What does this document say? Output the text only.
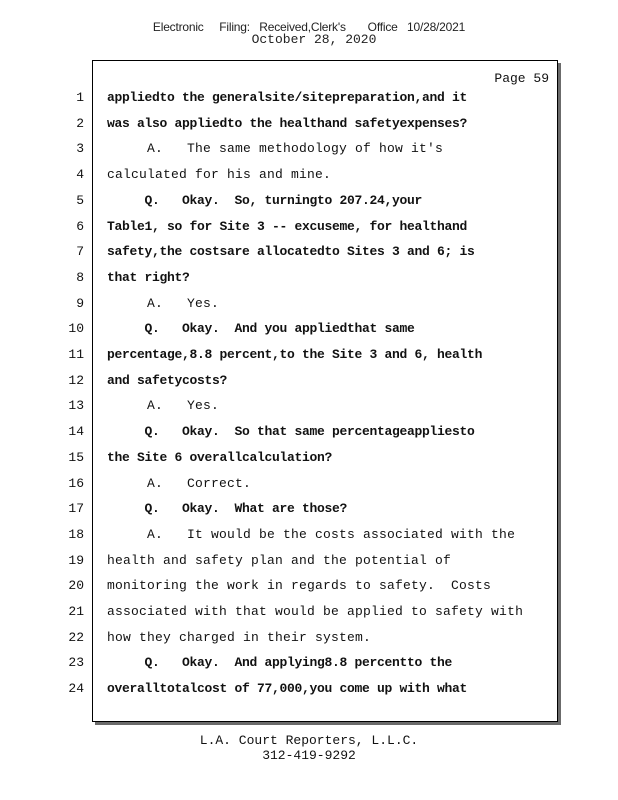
Electronic     Filing:   Received,Clerk's       Office   10/28/2021
October 28, 2020
Page 59
1
2
3
4
5
6
7
8
9
10
11
12
13
14
15
16
17
18
19
20
21
22
23
24
appliedto the generalsite/sitepreparation,and it
was also appliedto the healthand safetyexpenses?
A.   The same methodology of how it's
calculated for his and mine.
Q.   Okay.  So, turningto 207.24,your
Table1, so for Site 3 -- excuseme, for healthand
safety,the costsare allocatedto Sites 3 and 6; is
that right?
A.   Yes.
Q.   Okay.  And you appliedthat same
percentage,8.8 percent,to the Site 3 and 6, health
and safetycosts?
A.   Yes.
Q.   Okay.  So that same percentageappliesto
the Site 6 overallcalculation?
A.   Correct.
Q.   Okay.  What are those?
A.   It would be the costs associated with the
health and safety plan and the potential of
monitoring the work in regards to safety.  Costs
associated with that would be applied to safety with
how they charged in their system.
Q.   Okay.  And applying8.8 percentto the
overalltotalcost of 77,000,you come up with what
L.A. Court Reporters, L.L.C.
312-419-9292
